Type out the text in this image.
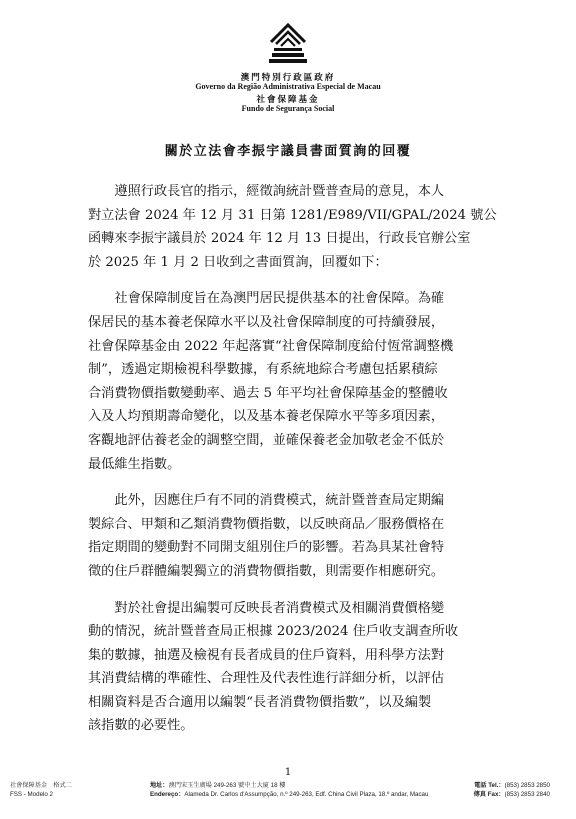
澳門特別行政區政府
Governo da Região Administrativa Especial de Macau
社會保障基金
Fundo de Segurança Social
關於立法會李振宇議員書面質詢的回覆
遵照行政長官的指示，經徵詢統計暨普查局的意見，本人
對立法會 2024 年 12 月 31 日第 1281/E989/VII/GPAL/2024 號公
函轉來李振宇議員於 2024 年 12 月 13 日提出，行政長官辦公室
於 2025 年 1 月 2 日收到之書面質詢，回覆如下：
社會保障制度旨在為澳門居民提供基本的社會保障。為確
保居民的基本養老保障水平以及社會保障制度的可持續發展，
社會保障基金由 2022 年起落實“社會保障制度給付恆常調整機
制”，透過定期檢視科學數據，有系統地綜合考慮包括累積綜
合消費物價指數變動率、過去 5 年平均社會保障基金的整體收
入及人均預期壽命變化，以及基本養老保障水平等多項因素，
客觀地評估養老金的調整空間，並確保養老金加敬老金不低於
最低維生指數。
此外，因應住戶有不同的消費模式，統計暨普查局定期編
製綜合、甲類和乙類消費物價指數，以反映商品／服務價格在
指定期間的變動對不同開支組別住戶的影響。若為具某社會特
徵的住戶群體編製獨立的消費物價指數，則需要作相應研究。
對於社會提出編製可反映長者消費模式及相關消費價格變
動的情況，統計暨普查局正根據 2023/2024 住戶收支調查所收
集的數據，抽選及檢視有長者成員的住戶資料，用科學方法對
其消費結構的準確性、合理性及代表性進行詳細分析，以評估
相關資料是否合適用以編製“長者消費物價指數”，以及編製
該指數的必要性。
1
社會保障基金　格式二
FSS - Modelo 2
地址：澳門宋玉生廣場 249-263 號中土大廈 18 樓
Endereço：Alameda Dr. Carlos d'Assumpção, n.º 249-263, Edf. China Civil Plaza, 18.º andar, Macau
電話 Tel.：(853) 2853 2850
傳真 Fax：(853) 2853 2840
